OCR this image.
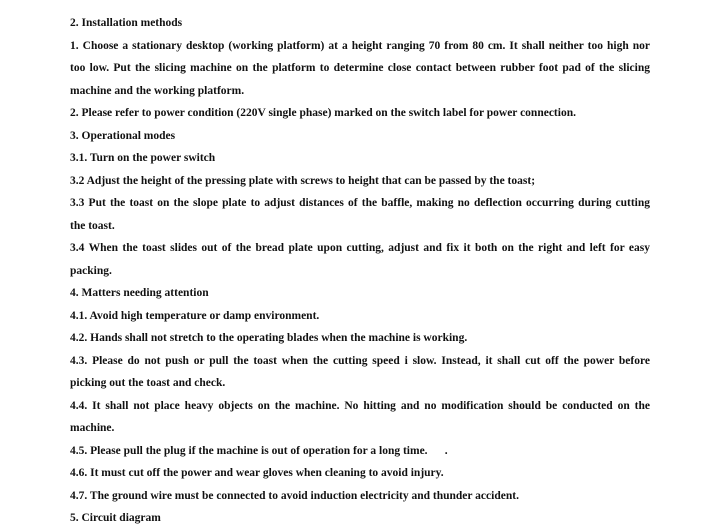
2. Installation methods
1. Choose a stationary desktop (working platform) at a height ranging 70 from 80 cm. It shall neither too high nor
too low. Put the slicing machine on the platform to determine close contact between rubber foot pad of the slicing
machine and the working platform.
2. Please refer to power condition (220V single phase) marked on the switch label for power connection.
3. Operational modes
3.1. Turn on the power switch
3.2 Adjust the height of the pressing plate with screws to height that can be passed by the toast;
3.3 Put the toast on the slope plate to adjust distances of the baffle, making no deflection occurring during cutting
the toast.
3.4 When the toast slides out of the bread plate upon cutting, adjust and fix it both on the right and left for easy
packing.
4. Matters needing attention
4.1. Avoid high temperature or damp environment.
4.2. Hands shall not stretch to the operating blades when the machine is working.
4.3. Please do not push or pull the toast when the cutting speed i slow. Instead, it shall cut off the power before
picking out the toast and check.
4.4. It shall not place heavy objects on the machine. No hitting and no modification should be conducted on the
machine.
4.5. Please pull the plug if the machine is out of operation for a long time.      .
4.6. It must cut off the power and wear gloves when cleaning to avoid injury.
4.7. The ground wire must be connected to avoid induction electricity and thunder accident.
5. Circuit diagram
